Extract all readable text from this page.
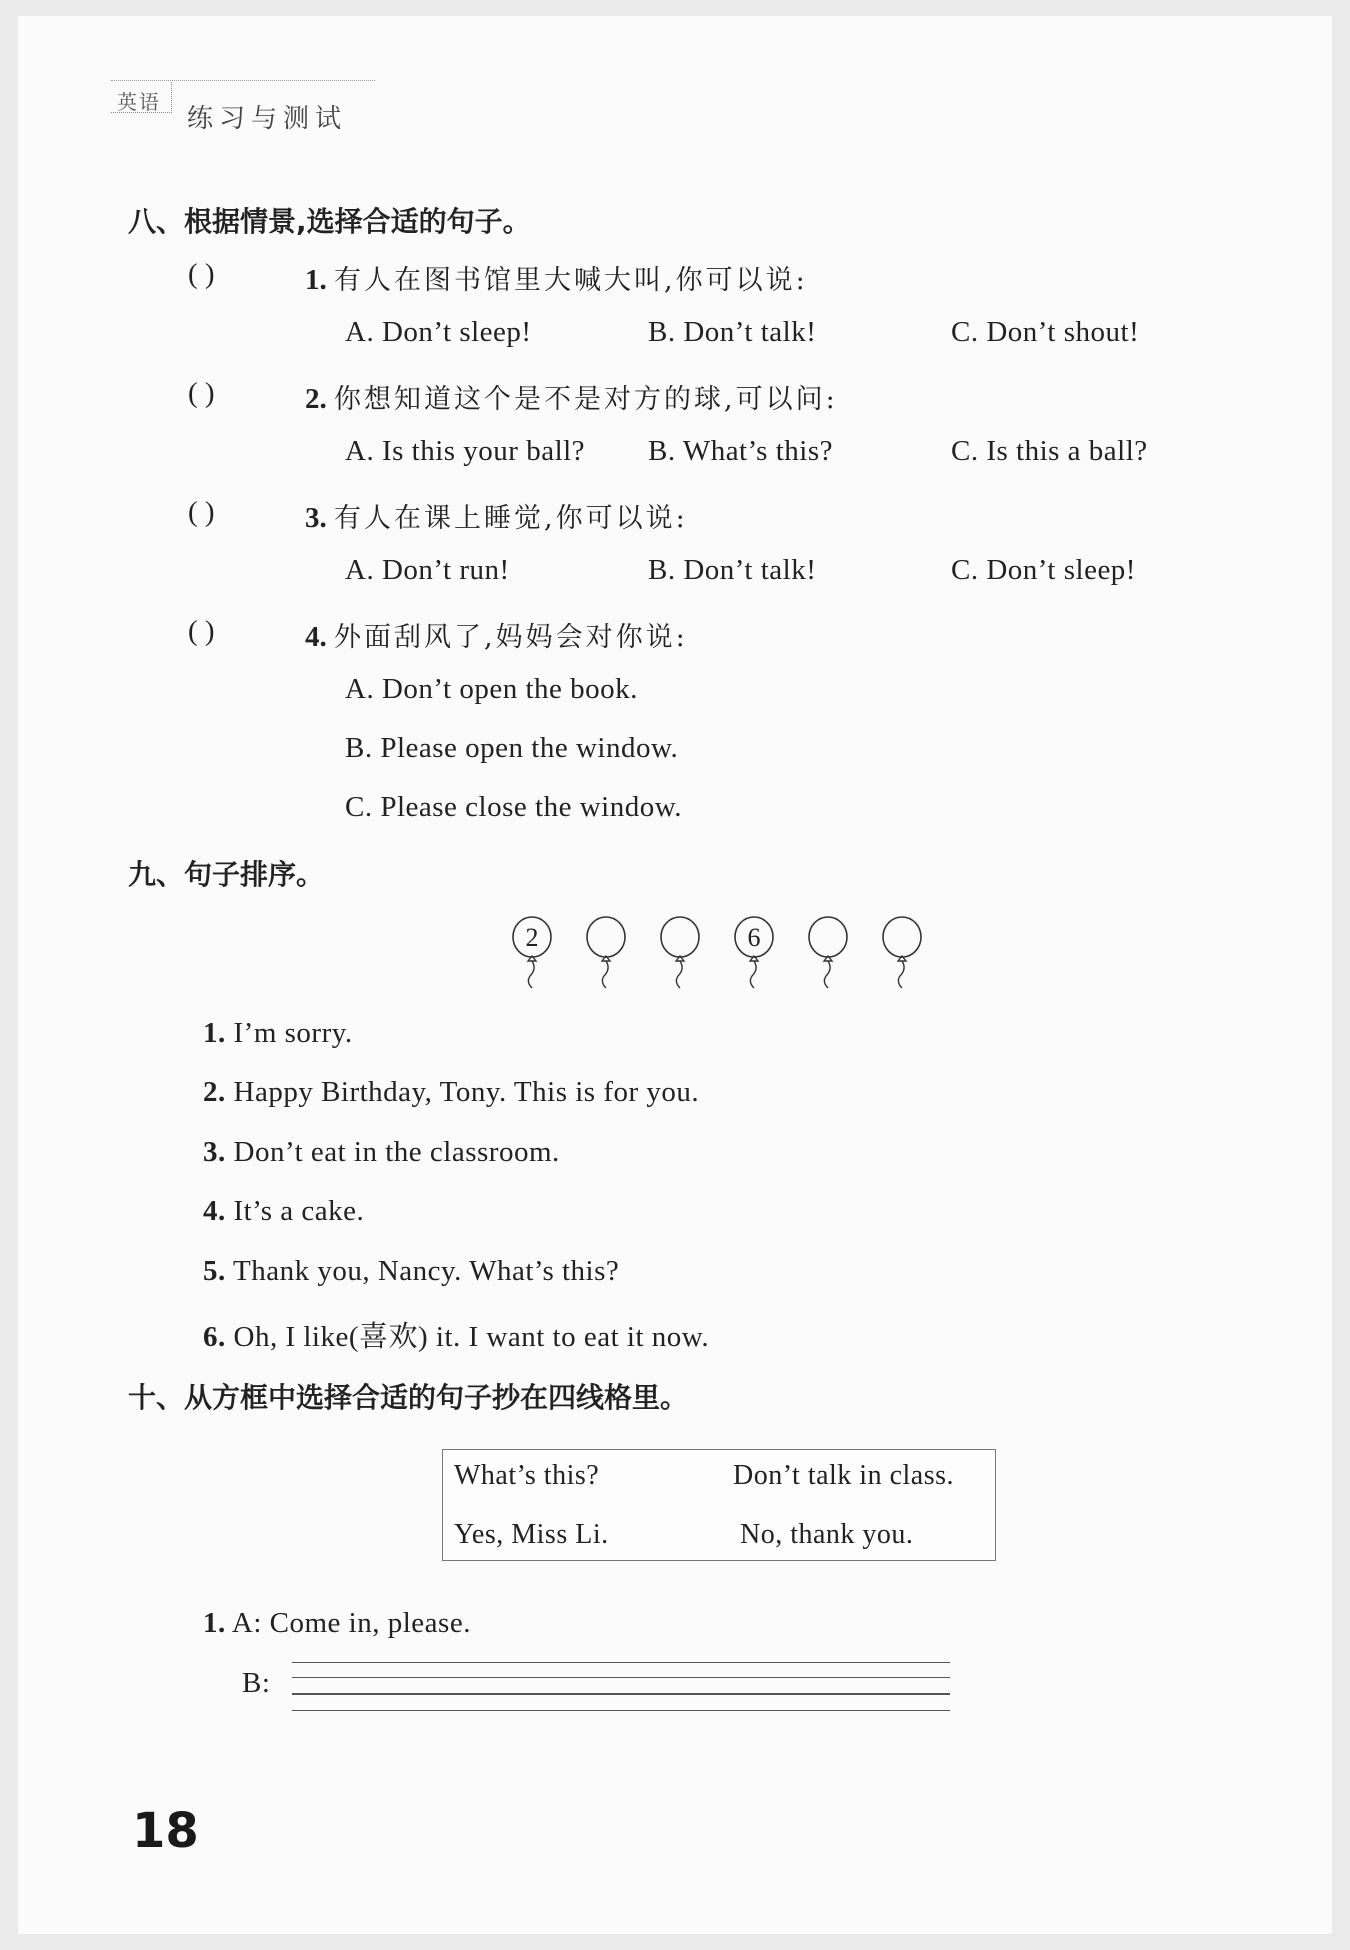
英语
练习与测试
八、根据情景,选择合适的句子。
( )	1. 有人在图书馆里大喊大叫,你可以说:
A. Don’t sleep!	B. Don’t talk!	C. Don’t shout!
( )	2. 你想知道这个是不是对方的球,可以问:
A. Is this your ball? B. What’s this?	C. Is this a ball?
( )	3. 有人在课上睡觉,你可以说:
A. Don’t run!	B. Don’t talk!	C. Don’t sleep!
( )	4. 外面刮风了,妈妈会对你说:
A. Don’t open the book.
B. Please open the window.
C. Please close the window.
九、句子排序。
2	6
1. I’m sorry.
2. Happy Birthday, Tony. This is for you.
3. Don’t eat in the classroom.
4. It’s a cake.
5. Thank you, Nancy. What’s this?
6. Oh, I like(喜欢) it. I want to eat it now.
十、从方框中选择合适的句子抄在四线格里。
What’s this?	Don’t talk in class.
Yes, Miss Li.	No, thank you.
1. A: Come in, please.
B:
18
